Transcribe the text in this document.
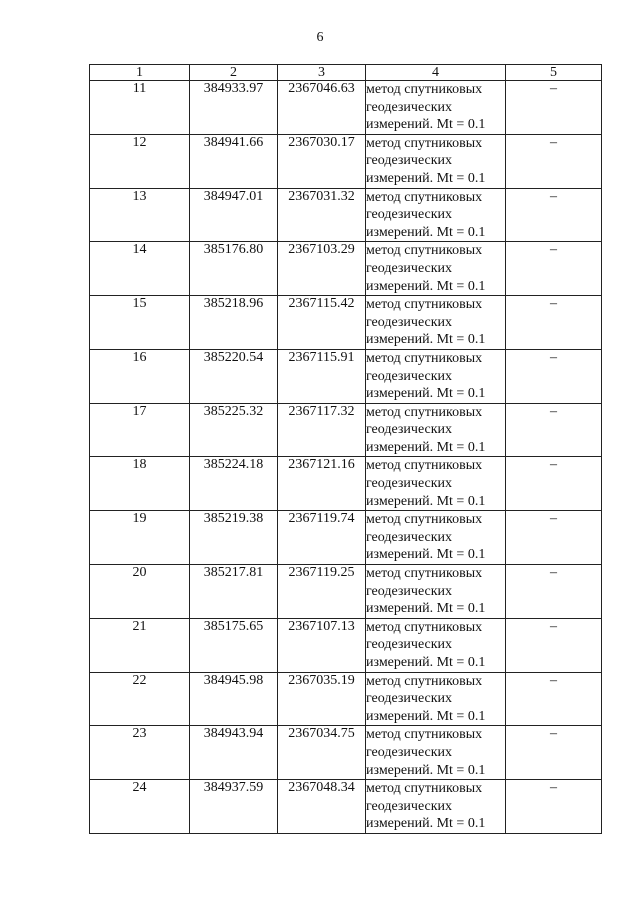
6
1	2	3	4	5
11	384933.97	2367046.63	метод спутниковых геодезических измерений. Mt = 0.1	–
12	384941.66	2367030.17	метод спутниковых геодезических измерений. Mt = 0.1	–
13	384947.01	2367031.32	метод спутниковых геодезических измерений. Mt = 0.1	–
14	385176.80	2367103.29	метод спутниковых геодезических измерений. Mt = 0.1	–
15	385218.96	2367115.42	метод спутниковых геодезических измерений. Mt = 0.1	–
16	385220.54	2367115.91	метод спутниковых геодезических измерений. Mt = 0.1	–
17	385225.32	2367117.32	метод спутниковых геодезических измерений. Mt = 0.1	–
18	385224.18	2367121.16	метод спутниковых геодезических измерений. Mt = 0.1	–
19	385219.38	2367119.74	метод спутниковых геодезических измерений. Mt = 0.1	–
20	385217.81	2367119.25	метод спутниковых геодезических измерений. Mt = 0.1	–
21	385175.65	2367107.13	метод спутниковых геодезических измерений. Mt = 0.1	–
22	384945.98	2367035.19	метод спутниковых геодезических измерений. Mt = 0.1	–
23	384943.94	2367034.75	метод спутниковых геодезических измерений. Mt = 0.1	–
24	384937.59	2367048.34	метод спутниковых геодезических измерений. Mt = 0.1	–
